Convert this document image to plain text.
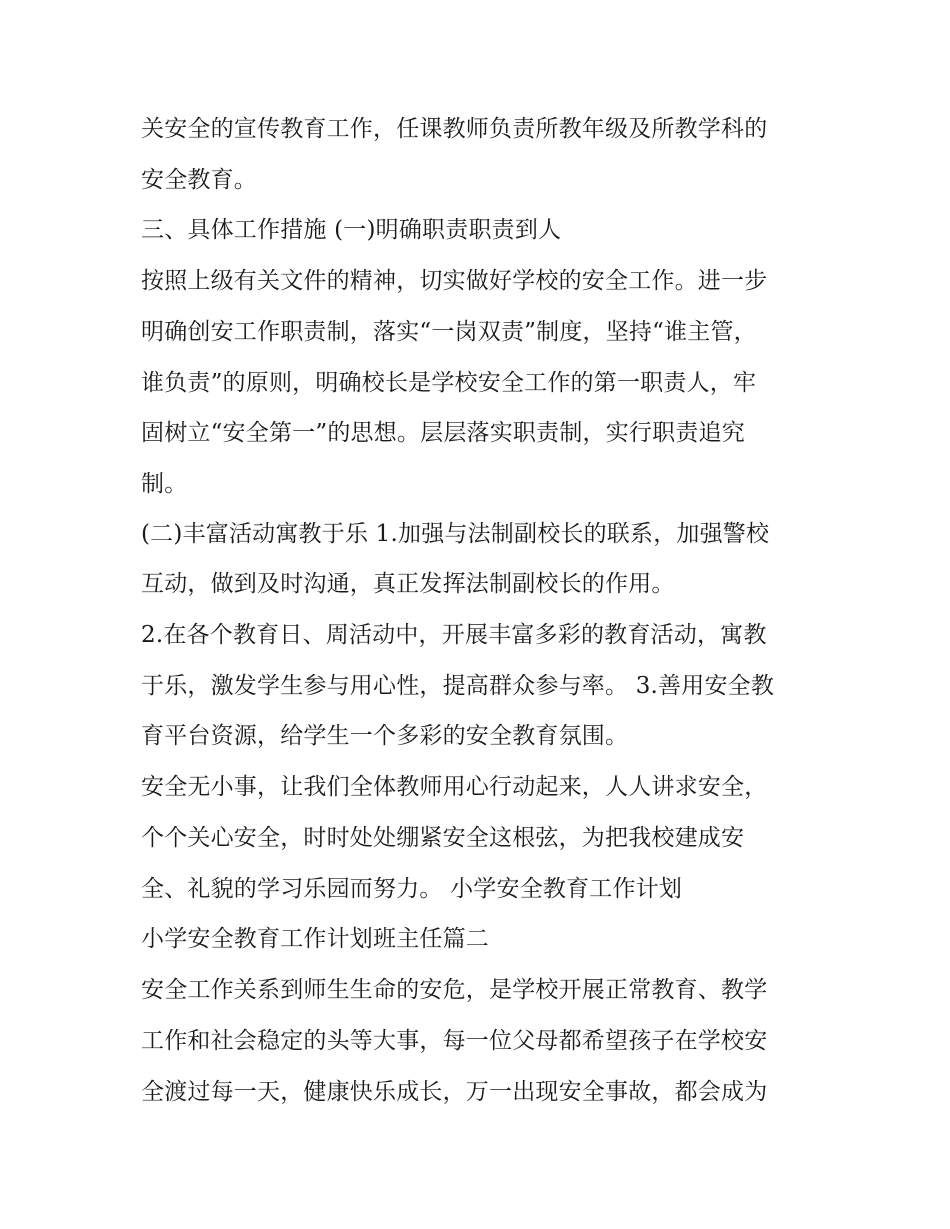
关安全的宣传教育工作，任课教师负责所教年级及所教学科的
安全教育。
三、具体工作措施 (一)明确职责职责到人
按照上级有关文件的精神，切实做好学校的安全工作。进一步
明确创安工作职责制，落实“一岗双责”制度，坚持“谁主管，
谁负责”的原则，明确校长是学校安全工作的第一职责人，牢
固树立“安全第一”的思想。层层落实职责制，实行职责追究
制。
(二)丰富活动寓教于乐 1.加强与法制副校长的联系，加强警校
互动，做到及时沟通，真正发挥法制副校长的作用。
2.在各个教育日、周活动中，开展丰富多彩的教育活动，寓教
于乐，激发学生参与用心性，提高群众参与率。 3.善用安全教
育平台资源，给学生一个多彩的安全教育氛围。
安全无小事，让我们全体教师用心行动起来，人人讲求安全，
个个关心安全，时时处处绷紧安全这根弦，为把我校建成安
全、礼貌的学习乐园而努力。 小学安全教育工作计划
小学安全教育工作计划班主任篇二
安全工作关系到师生生命的安危，是学校开展正常教育、教学
工作和社会稳定的头等大事，每一位父母都希望孩子在学校安
全渡过每一天，健康快乐成长，万一出现安全事故，都会成为
